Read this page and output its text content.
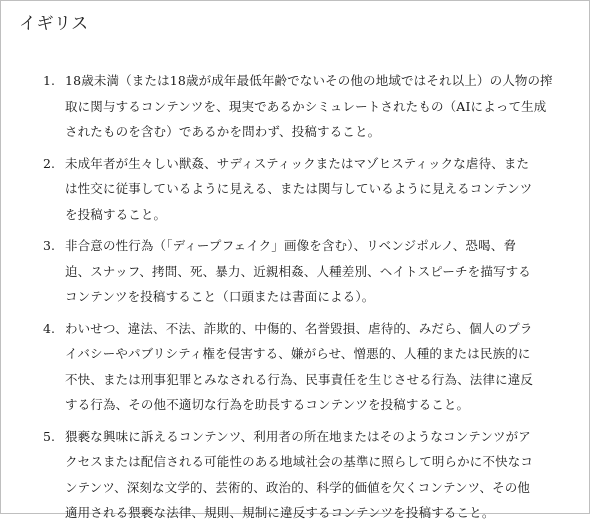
イギリス
1. 18歳未満（または18歳が成年最低年齢でないその他の地域ではそれ以上）の人物の搾
取に関与するコンテンツを、現実であるかシミュレートされたもの（AIによって生成
されたものを含む）であるかを問わず、投稿すること。
2. 未成年者が生々しい獣姦、サディスティックまたはマゾヒスティックな虐待、また
は性交に従事しているように見える、または関与しているように見えるコンテンツ
を投稿すること。
3. 非合意の性行為（「ディープフェイク」画像を含む）、リベンジポルノ、恐喝、脅
迫、スナッフ、拷問、死、暴力、近親相姦、人種差別、ヘイトスピーチを描写する
コンテンツを投稿すること（口頭または書面による）。
4. わいせつ、違法、不法、詐欺的、中傷的、名誉毀損、虐待的、みだら、個人のプラ
イバシーやパブリシティ権を侵害する、嫌がらせ、憎悪的、人種的または民族的に
不快、または刑事犯罪とみなされる行為、民事責任を生じさせる行為、法律に違反
する行為、その他不適切な行為を助長するコンテンツを投稿すること。
5. 猥褻な興味に訴えるコンテンツ、利用者の所在地またはそのようなコンテンツがア
クセスまたは配信される可能性のある地域社会の基準に照らして明らかに不快なコ
ンテンツ、深刻な文学的、芸術的、政治的、科学的価値を欠くコンテンツ、その他
適用される猥褻な法律、規則、規制に違反するコンテンツを投稿すること。
